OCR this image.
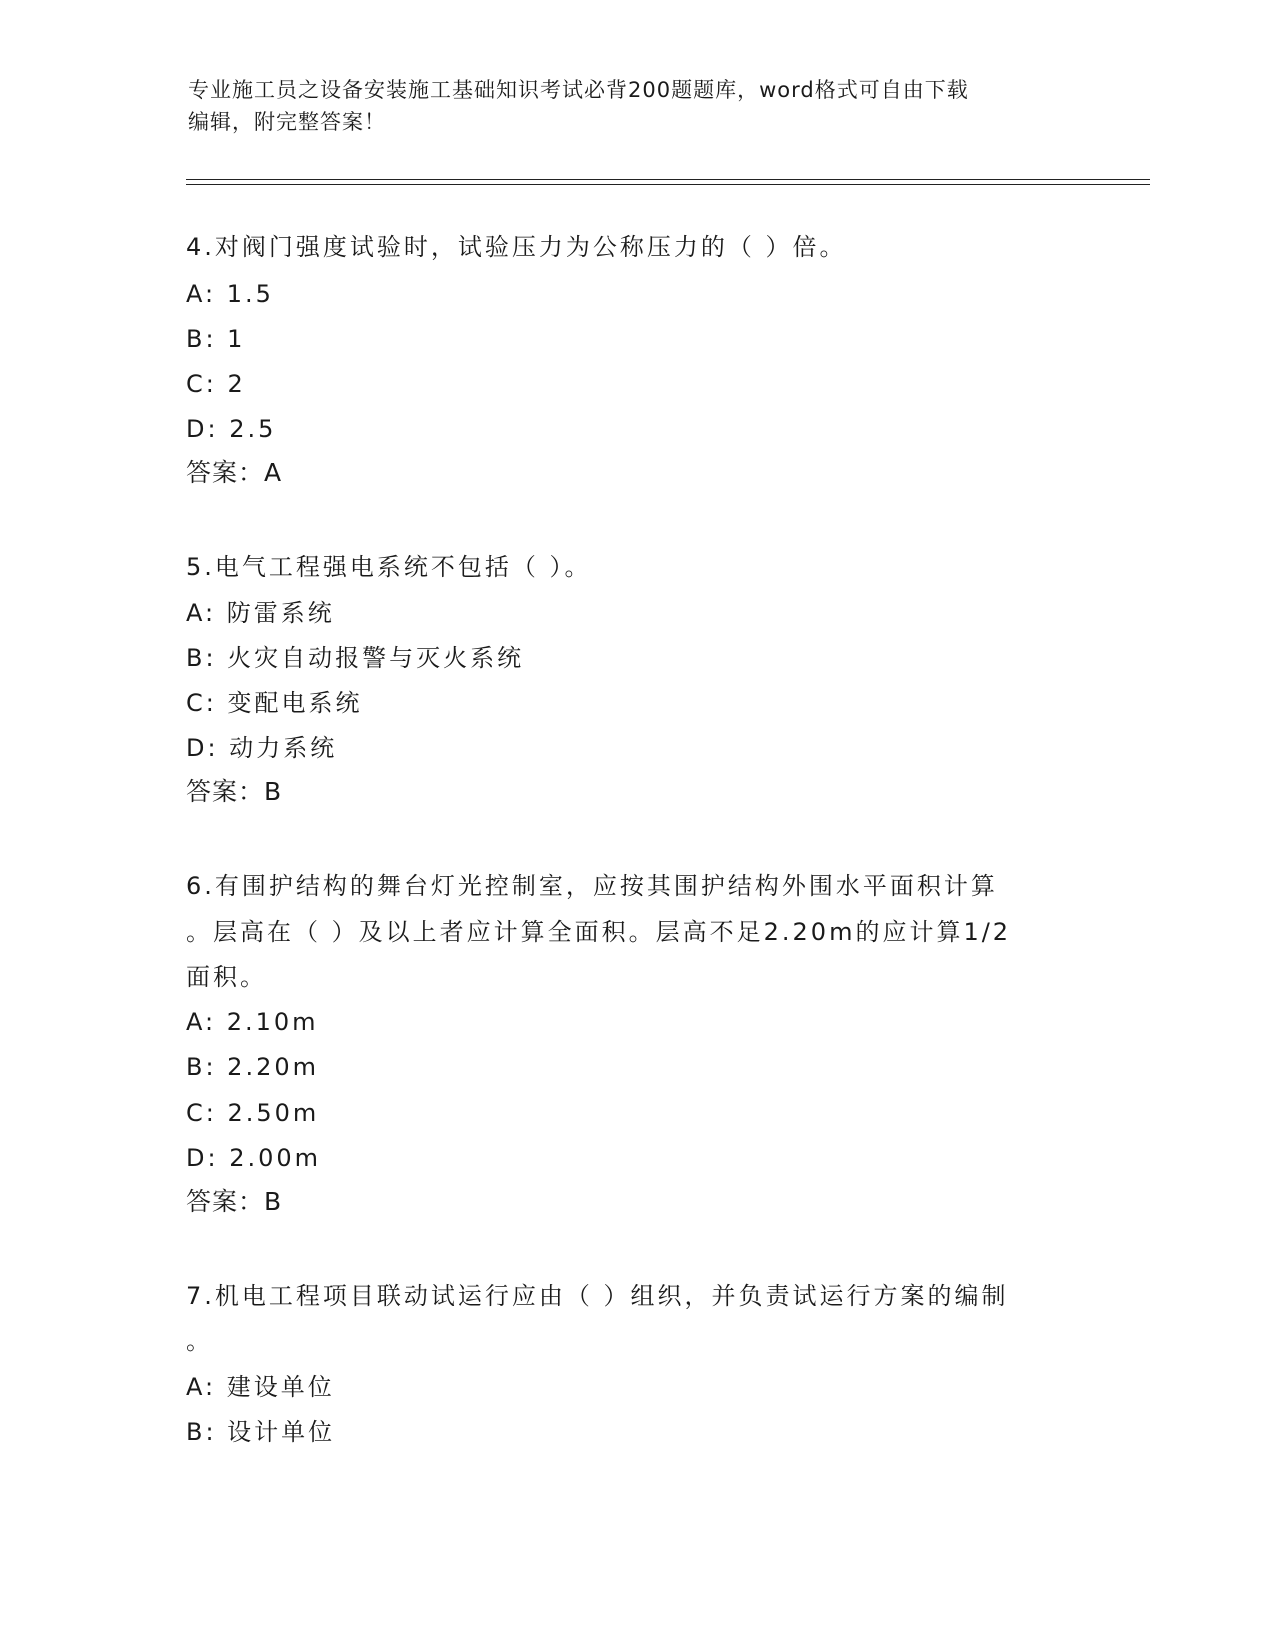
专业施工员之设备安装施工基础知识考试必背200题题库，word格式可自由下载
编辑，附完整答案！
4.对阀门强度试验时，试验压力为公称压力的（ ）倍。
A: 1.5
B: 1
C: 2
D: 2.5
答案：A
5.电气工程强电系统不包括（ ）。
A: 防雷系统
B: 火灾自动报警与灭火系统
C: 变配电系统
D: 动力系统
答案：B
6.有围护结构的舞台灯光控制室，应按其围护结构外围水平面积计算
。层高在（ ）及以上者应计算全面积。层高不足2.20m的应计算1/2
面积。
A: 2.10m
B: 2.20m
C: 2.50m
D: 2.00m
答案：B
7.机电工程项目联动试运行应由（ ）组织，并负责试运行方案的编制
。
A: 建设单位
B: 设计单位
